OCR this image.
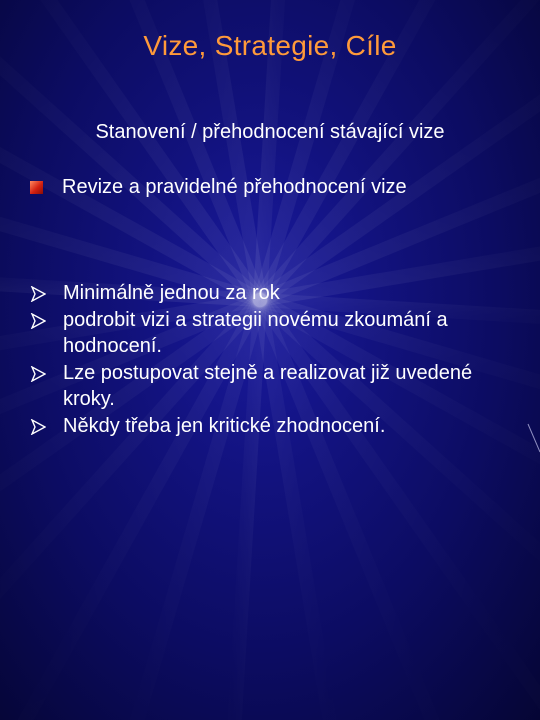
Vize, Strategie, Cíle
Stanovení / přehodnocení stávající vize
Revize a pravidelné přehodnocení vize
Minimálně jednou za rok
podrobit vizi a strategii novému zkoumání a hodnocení.
Lze postupovat stejně a realizovat již uvedené kroky.
Někdy třeba jen kritické zhodnocení.
